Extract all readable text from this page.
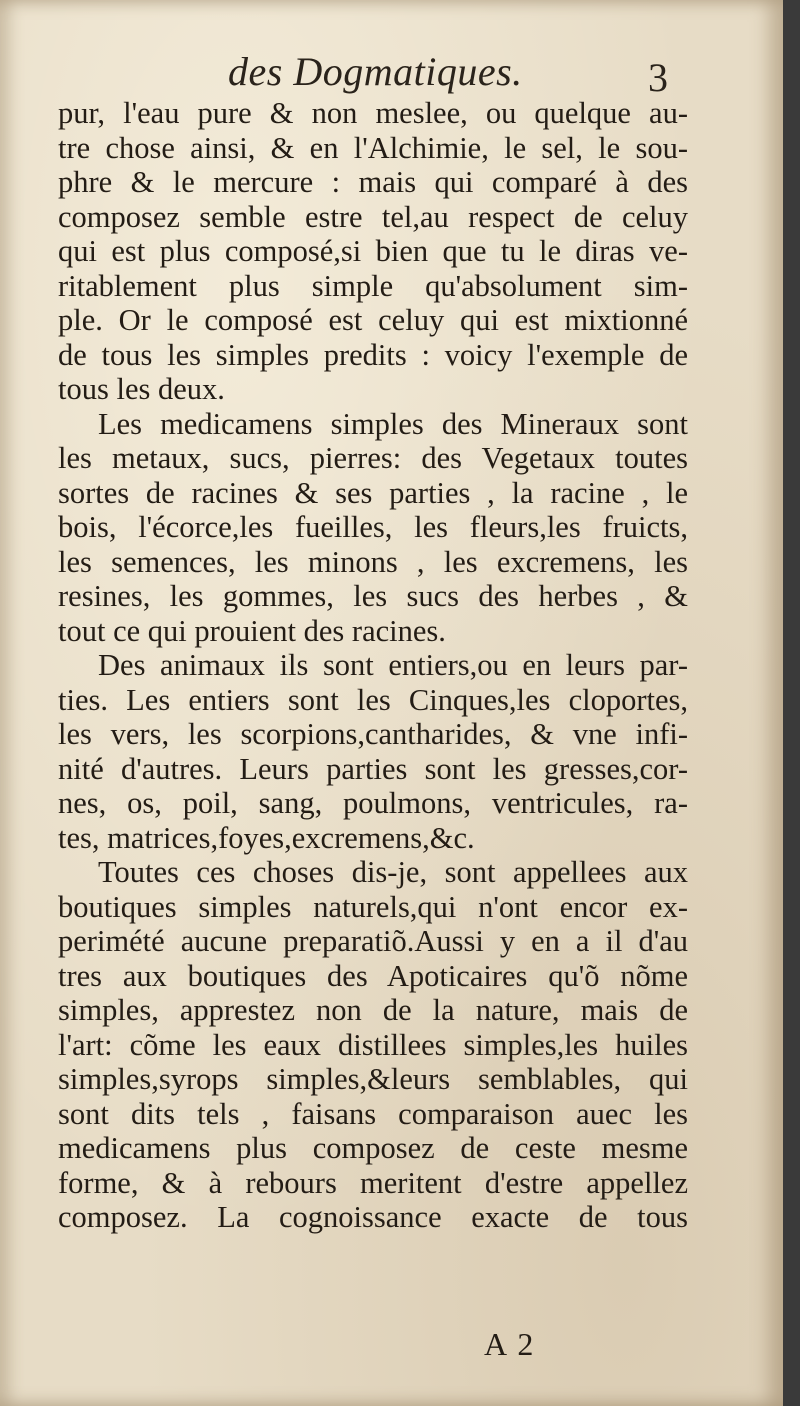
des Dogmatiques.	3
pur, l'eau pure & non meslee, ou quelque au-
tre chose ainsi, & en l'Alchimie, le sel, le sou-
phre & le mercure : mais qui comparé à des
composez semble estre tel,au respect de celuy
qui est plus composé,si bien que tu le diras ve-
ritablement plus simple qu'absolument sim-
ple. Or le composé est celuy qui est mixtionné
de tous les simples predits : voicy l'exemple de
tous les deux.
Les medicamens simples des Mineraux sont
les metaux, sucs, pierres: des Vegetaux toutes
sortes de racines & ses parties , la racine , le
bois, l'écorce,les fueilles, les fleurs,les fruicts,
les semences, les minons , les excremens, les
resines, les gommes, les sucs des herbes , &
tout ce qui prouient des racines.
Des animaux ils sont entiers,ou en leurs par-
ties. Les entiers sont les Cinques,les cloportes,
les vers, les scorpions,cantharides, & vne infi-
nité d'autres. Leurs parties sont les gresses,cor-
nes, os, poil, sang, poulmons, ventricules, ra-
tes, matrices,foyes,excremens,&c.
Toutes ces choses dis-je, sont appellees aux
boutiques simples naturels,qui n'ont encor ex-
perimété aucune preparatiõ.Aussi y en a il d'au
tres aux boutiques des Apoticaires qu'õ nõme
simples, apprestez non de la nature, mais de
l'art: cõme les eaux distillees simples,les huiles
simples,syrops simples,&leurs semblables, qui
sont dits tels , faisans comparaison auec les
medicamens plus composez de ceste mesme
forme, & à rebours meritent d'estre appellez
composez. La cognoissance exacte de tous
A 2
